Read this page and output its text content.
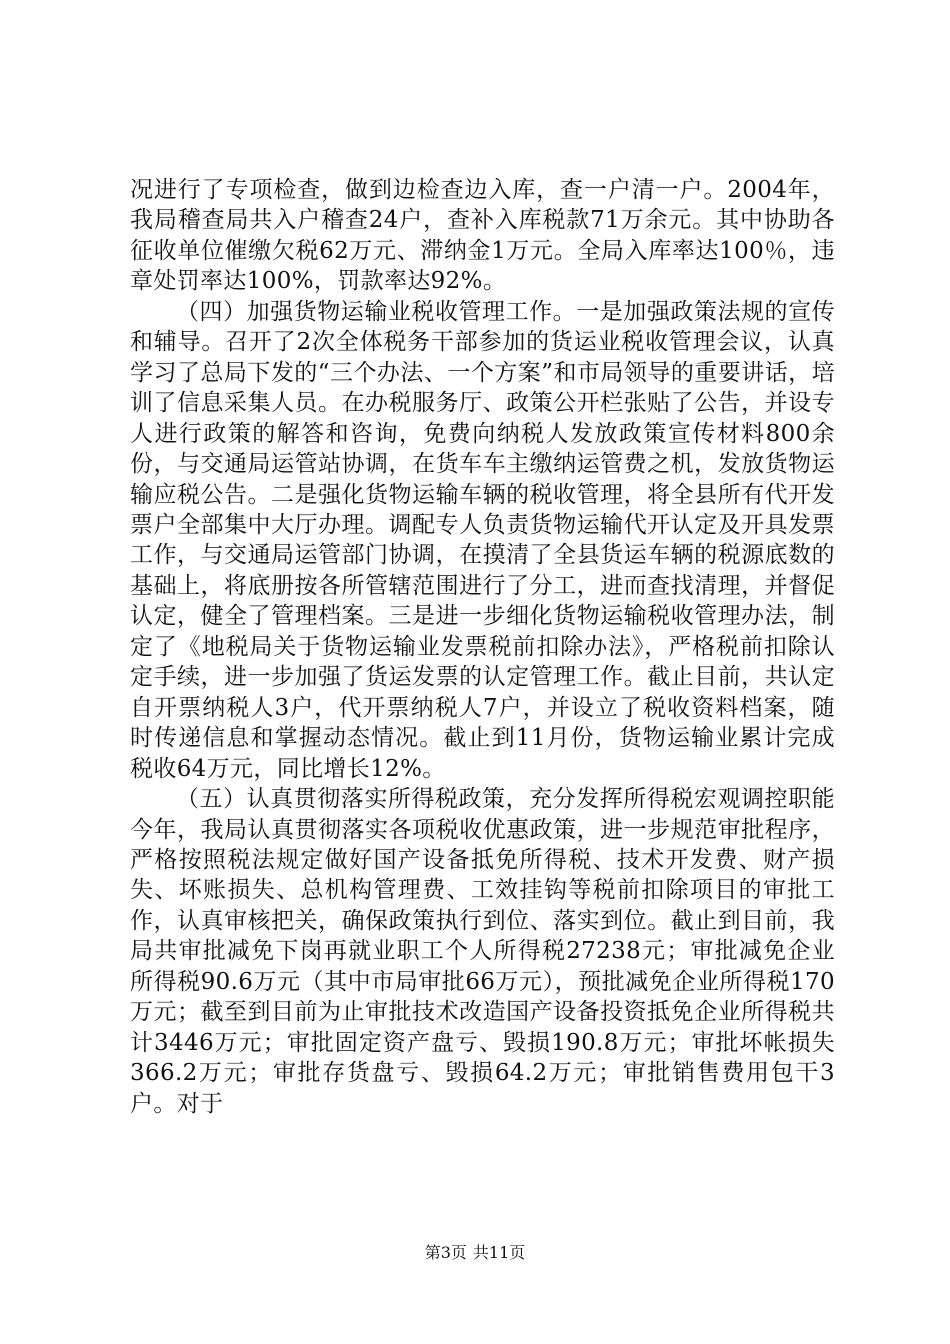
况进行了专项检查，做到边检查边入库，查一户清一户。2004年，我局稽查局共入户稽查24户，查补入库税款71万余元。其中协助各征收单位催缴欠税62万元、滞纳金1万元。全局入库率达100％，违章处罚率达100%，罚款率达92%。

（四）加强货物运输业税收管理工作。一是加强政策法规的宣传和辅导。召开了2次全体税务干部参加的货运业税收管理会议，认真学习了总局下发的“三个办法、一个方案”和市局领导的重要讲话，培训了信息采集人员。在办税服务厅、政策公开栏张贴了公告，并设专人进行政策的解答和咨询，免费向纳税人发放政策宣传材料800余份，与交通局运管站协调，在货车车主缴纳运管费之机，发放货物运输应税公告。二是强化货物运输车辆的税收管理，将全县所有代开发票户全部集中大厅办理。调配专人负责货物运输代开认定及开具发票工作，与交通局运管部门协调，在摸清了全县货运车辆的税源底数的基础上，将底册按各所管辖范围进行了分工，进而查找清理，并督促认定，健全了管理档案。三是进一步细化货物运输税收管理办法，制定了《地税局关于货物运输业发票税前扣除办法》，严格税前扣除认定手续，进一步加强了货运发票的认定管理工作。截止目前，共认定自开票纳税人3户，代开票纳税人7户，并设立了税收资料档案，随时传递信息和掌握动态情况。截止到11月份，货物运输业累计完成税收64万元，同比增长12%。

（五）认真贯彻落实所得税政策，充分发挥所得税宏观调控职能今年，我局认真贯彻落实各项税收优惠政策，进一步规范审批程序，严格按照税法规定做好国产设备抵免所得税、技术开发费、财产损失、坏账损失、总机构管理费、工效挂钩等税前扣除项目的审批工作，认真审核把关，确保政策执行到位、落实到位。截止到目前，我局共审批减免下岗再就业职工个人所得税27238元；审批减免企业所得税90.6万元（其中市局审批66万元），预批减免企业所得税170万元；截至到目前为止审批技术改造国产设备投资抵免企业所得税共计3446万元；审批固定资产盘亏、毁损190.8万元；审批坏帐损失366.2万元；审批存货盘亏、毁损64.2万元；审批销售费用包干3户。对于

第3页 共11页
